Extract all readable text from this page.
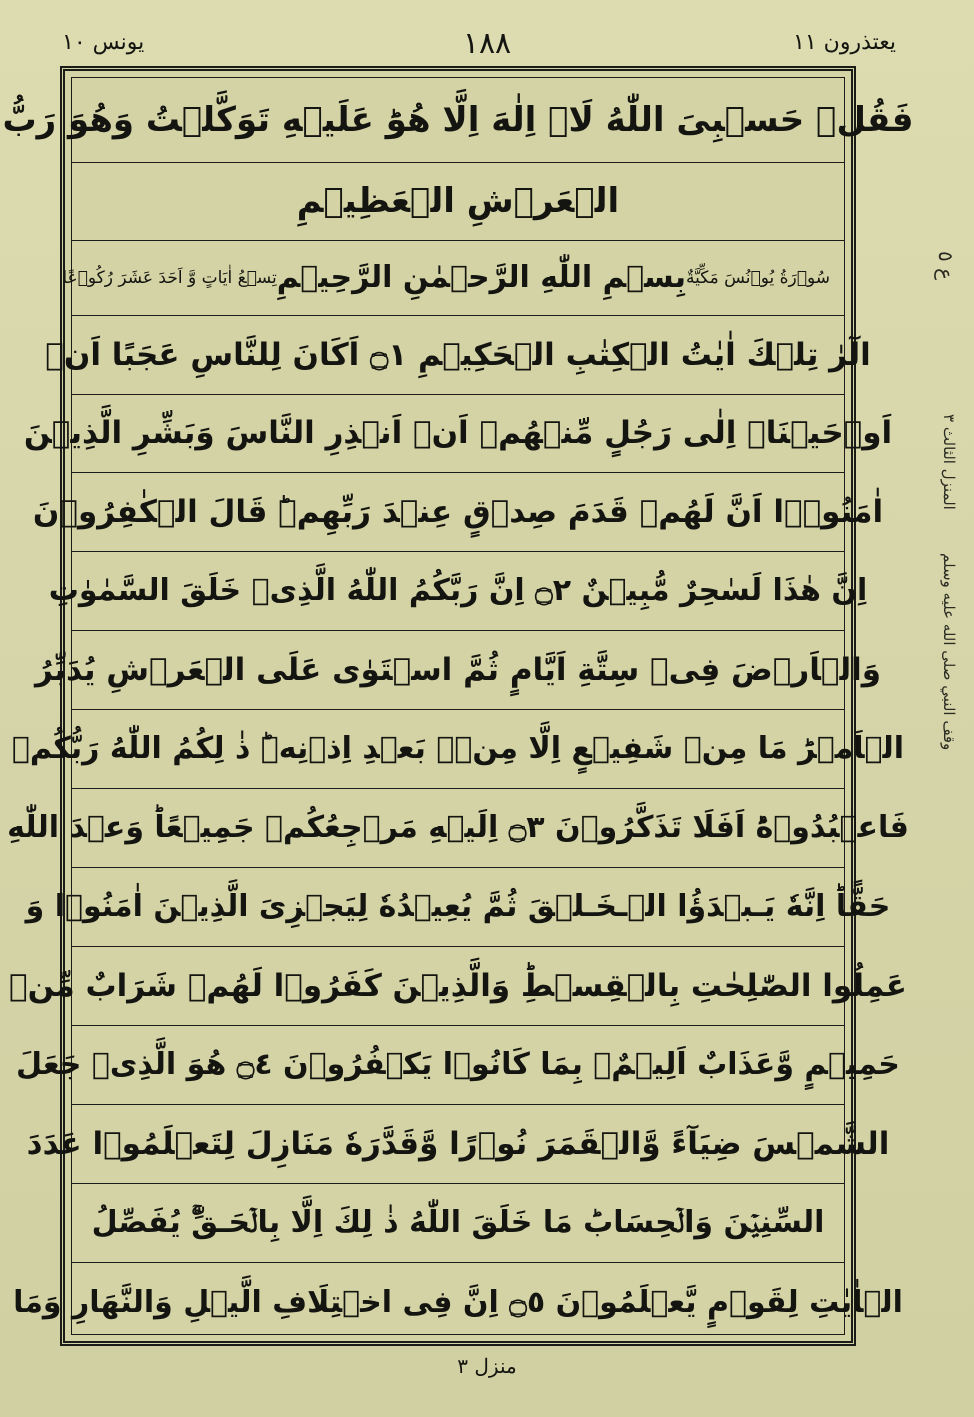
يعتذرون ١١
١٨٨
يونس ١٠
فَقُلۡ حَسۡبِىَ اللّٰهُ ‌لَاۤ اِلٰهَ اِلَّا هُوَ‌ؕ عَلَيۡهِ تَوَكَّلۡتُ‌ وَهُوَ رَبُّ
الۡعَرۡشِ الۡعَظِيۡمِ
سُوۡرَةُ يُوۡنُسَ مَكِّيَّةٌ
بِسۡمِ اللّٰهِ الرَّحۡمٰنِ الرَّحِيۡمِ
تِسۡعُ اٰيَاتٍ وَّ اَحَدَ عَشَرَ رُكُوۡعًا
الٓرٰ‌ تِلۡكَ اٰيٰتُ الۡكِتٰبِ الۡحَكِيۡمِ ۝١ اَكَانَ لِلنَّاسِ عَجَبًا اَنۡ
اَوۡحَيۡنَاۤ اِلٰى رَجُلٍ مِّنۡهُمۡ اَنۡ اَنۡذِرِ النَّاسَ وَبَشِّرِ الَّذِيۡنَ
اٰمَنُوۡۤا اَنَّ لَهُمۡ قَدَمَ صِدۡقٍ عِنۡدَ رَبِّهِمۡ‌ؕ قَالَ الۡكٰفِرُوۡنَ
اِنَّ هٰذَا لَسٰحِرٌ مُّبِيۡنٌ ۝٢ اِنَّ رَبَّكُمُ اللّٰهُ الَّذِىۡ خَلَقَ السَّمٰوٰتِ
وَالۡاَرۡضَ فِىۡ سِتَّةِ اَيَّامٍ ثُمَّ اسۡتَوٰى عَلَى الۡعَرۡشِ يُدَبِّرُ
الۡاَمۡرَ‌ؕ مَا مِنۡ شَفِيۡعٍ اِلَّا مِنۡۢ بَعۡدِ اِذۡنِهٖ‌ؕ ذٰ لِكُمُ اللّٰهُ رَبُّكُمۡ
فَاعۡبُدُوۡهُ‌ؕ اَفَلَا تَذَكَّرُوۡنَ ۝٣ اِلَيۡهِ مَرۡجِعُكُمۡ جَمِيۡعًا‌ؕ وَعۡدَ اللّٰهِ
حَقًّا‌ؕ اِنَّهٗ يَـبۡدَؤُا الۡـخَـلۡقَ ثُمَّ يُعِيۡدُهٗ لِيَجۡزِىَ الَّذِيۡنَ اٰمَنُوۡا وَ
عَمِلُوا الصّٰلِحٰتِ بِالۡقِسۡطِ‌ؕ وَالَّذِيۡنَ كَفَرُوۡا لَهُمۡ شَرَابٌ مِّنۡ
حَمِيۡمٍ وَّعَذَابٌ اَلِيۡمٌۢ بِمَا كَانُوۡا يَكۡفُرُوۡنَ ۝٤ هُوَ الَّذِىۡ جَعَلَ
الشَّمۡسَ ضِيَآءً وَّالۡقَمَرَ نُوۡرًا وَّقَدَّرَهٗ مَنَازِلَ لِتَعۡلَمُوۡا عَدَدَ
السِّنِيۡنَ وَالۡحِسَابَ‌ؕ مَا خَلَقَ اللّٰهُ ذٰ لِكَ اِلَّا بِالۡحَـقِّ‌ۚ يُفَصِّلُ
الۡاٰيٰتِ لِقَوۡمٍ يَّعۡلَمُوۡنَ ۝٥ اِنَّ فِى اخۡتِلَافِ الَّيۡلِ وَالنَّهَارِ وَمَا
ع ٥
المنزل الثالث ٣
وقف النبي صلى الله عليه وسلم
منزل ٣
